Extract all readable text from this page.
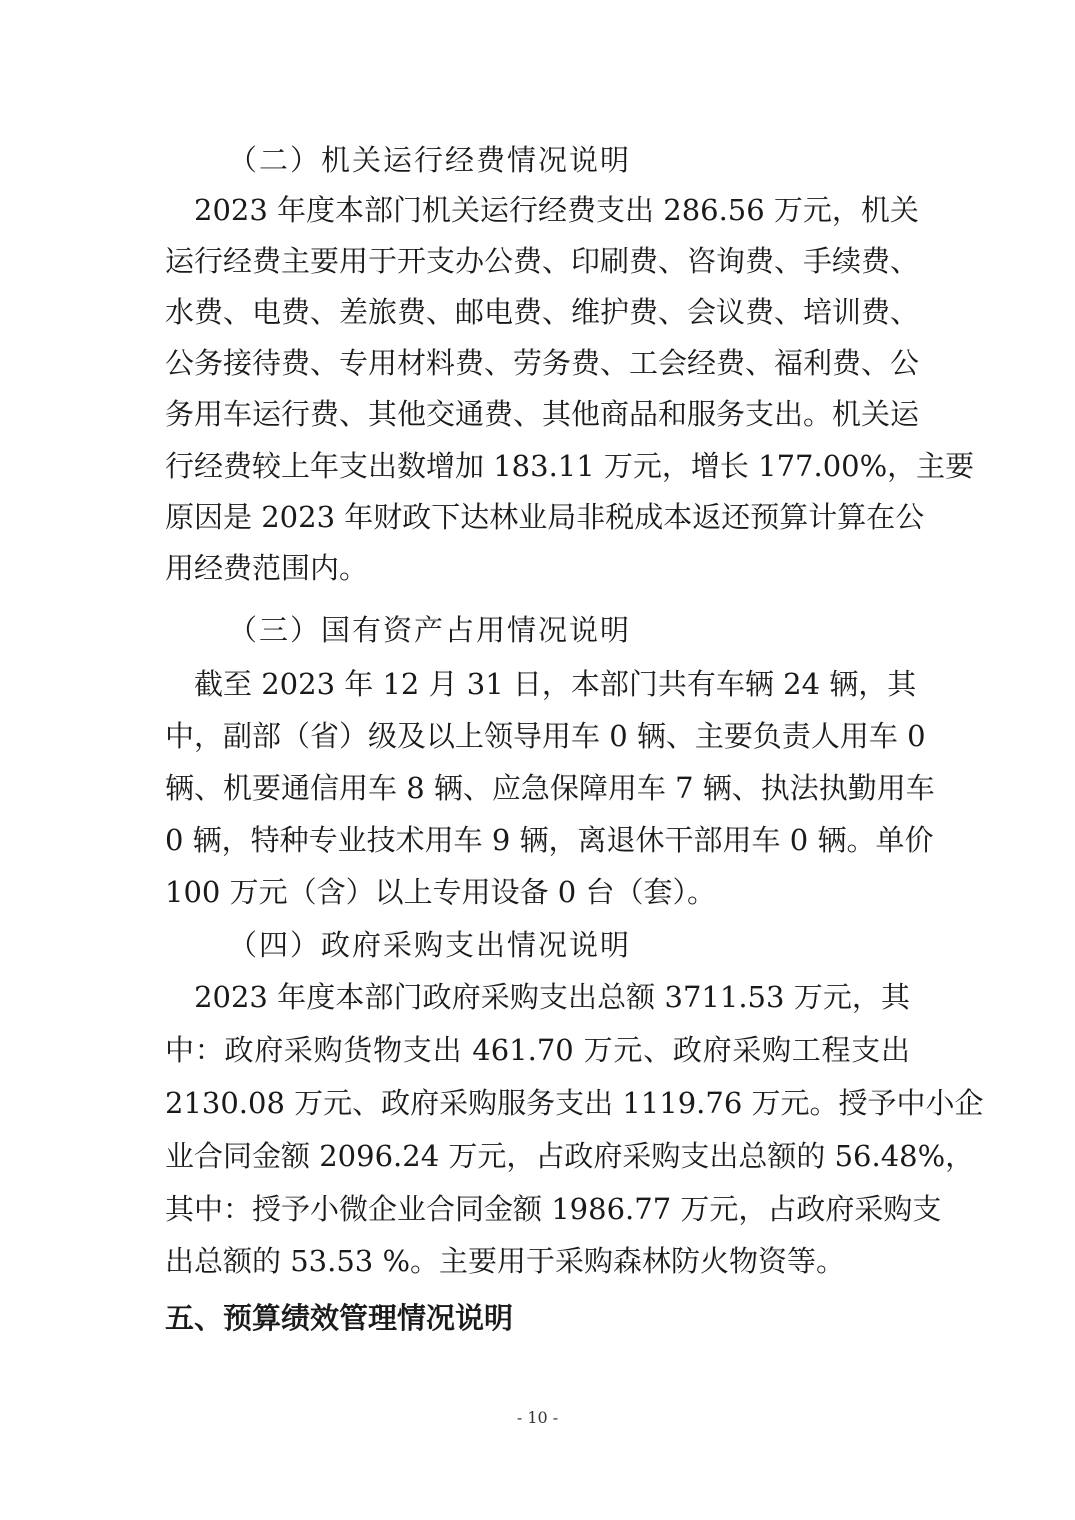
（二）机关运行经费情况说明
　2023 年度本部门机关运行经费支出 286.56 万元，机关
运行经费主要用于开支办公费、印刷费、咨询费、手续费、
水费、电费、差旅费、邮电费、维护费、会议费、培训费、
公务接待费、专用材料费、劳务费、工会经费、福利费、公
务用车运行费、其他交通费、其他商品和服务支出。机关运
行经费较上年支出数增加 183.11 万元，增长 177.00%，主要
原因是 2023 年财政下达林业局非税成本返还预算计算在公
用经费范围内。
（三）国有资产占用情况说明
　截至 2023 年 12 月 31 日，本部门共有车辆 24 辆，其
中，副部（省）级及以上领导用车 0 辆、主要负责人用车 0
辆、机要通信用车 8 辆、应急保障用车 7 辆、执法执勤用车
0 辆，特种专业技术用车 9 辆，离退休干部用车 0 辆。单价
100 万元（含）以上专用设备 0 台（套）。
（四）政府采购支出情况说明
　2023 年度本部门政府采购支出总额 3711.53 万元，其
中：政府采购货物支出 461.70 万元、政府采购工程支出
2130.08 万元、政府采购服务支出 1119.76 万元。授予中小企
业合同金额 2096.24 万元，占政府采购支出总额的 56.48%，
其中：授予小微企业合同金额 1986.77 万元，占政府采购支
出总额的 53.53 %。主要用于采购森林防火物资等。
五、预算绩效管理情况说明
- 10 -
